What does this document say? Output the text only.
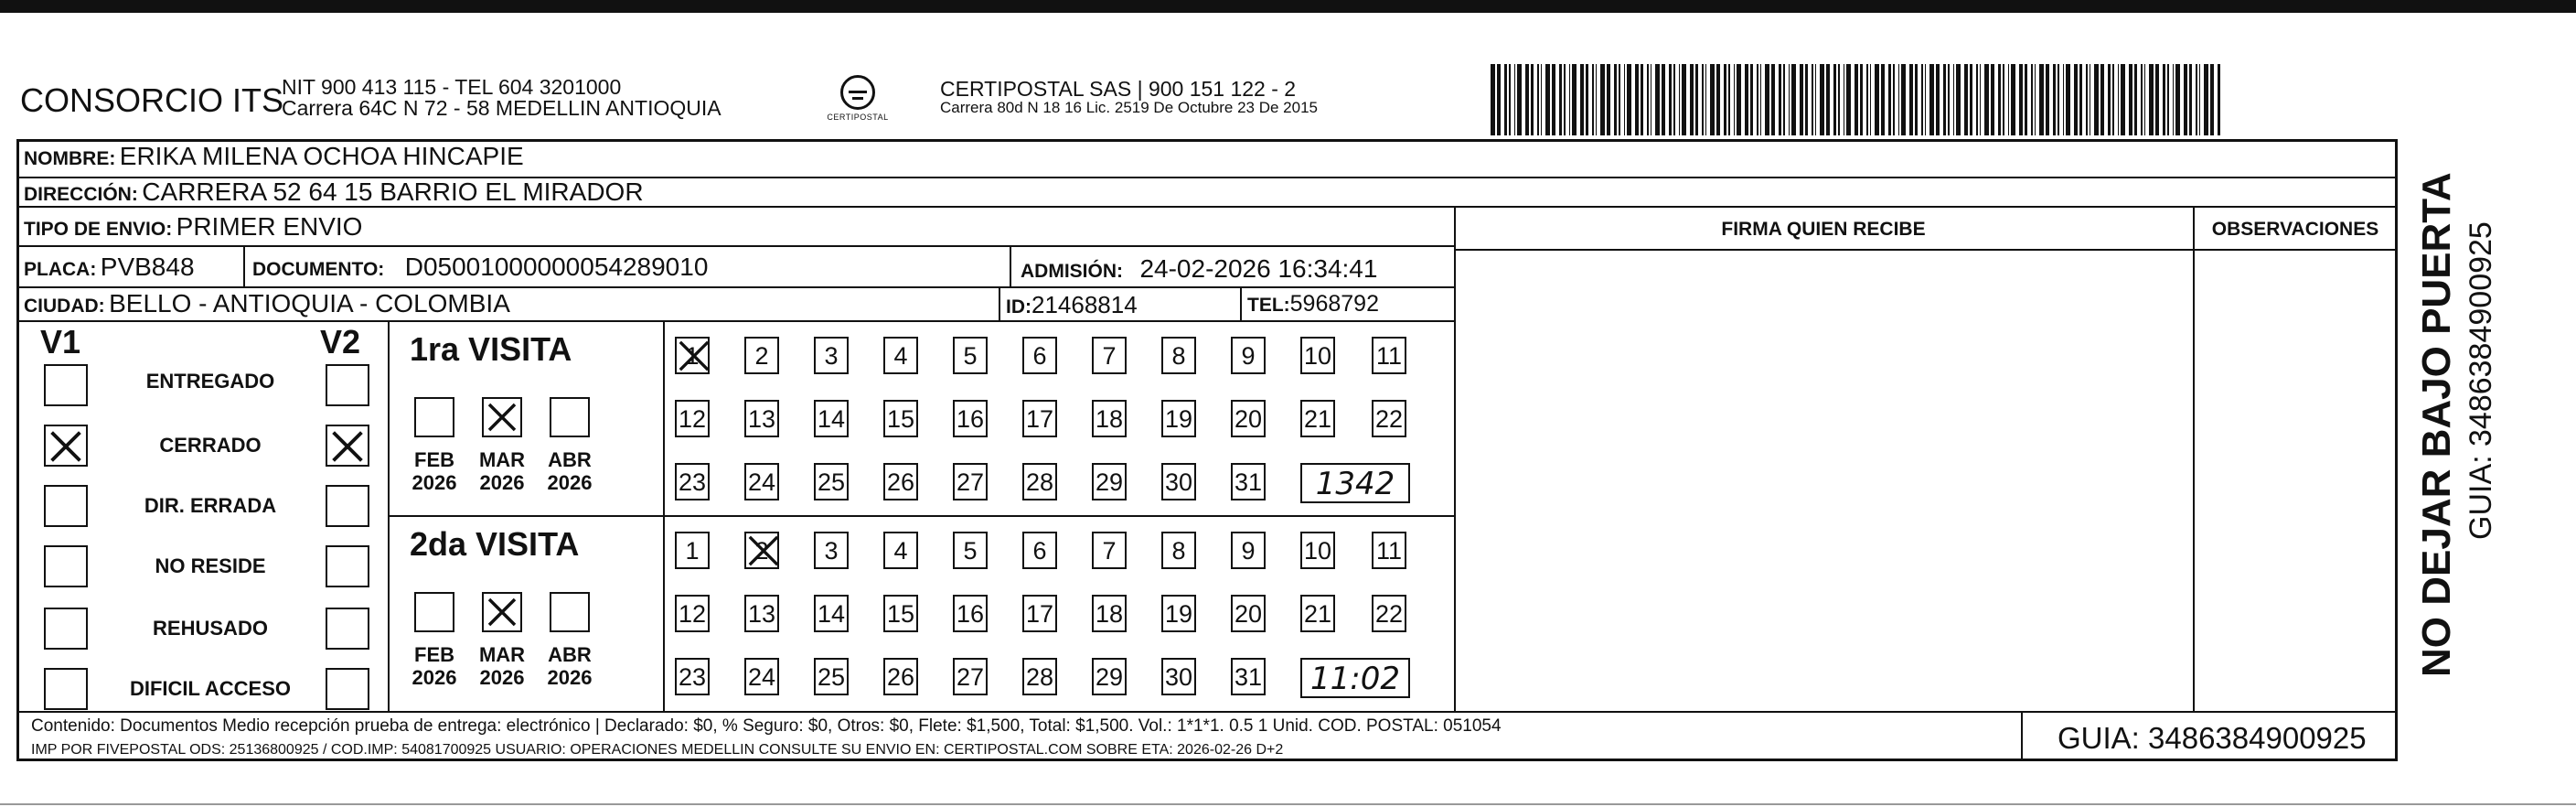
CONSORCIO ITS
NIT 900 413 115 - TEL 604 3201000
Carrera 64C N 72 - 58 MEDELLIN ANTIOQUIA	CERTIPOSTAL
CERTIPOSTAL SAS | 900 151 122 - 2
Carrera 80d N 18 16 Lic. 2519 De Octubre 23 De 2015
NOMBRE: ERIKA MILENA OCHOA HINCAPIE
DIRECCIÓN: CARRERA 52 64 15 BARRIO EL MIRADOR
TIPO DE ENVIO: PRIMER ENVIO
PLACA: PVB848	DOCUMENTO: D05001000000054289010	ADMISIÓN: 24-02-2026 16:34:41
CIUDAD: BELLO - ANTIOQUIA - COLOMBIA	ID:21468814	TEL:5968792
FIRMA QUIEN RECIBE	OBSERVACIONES
V1	V2
ENTREGADO
CERRADO
DIR. ERRADA
NO RESIDE
REHUSADO
DIFICIL ACCESO
1ra VISITA
FEB
2026
MAR
2026
ABR
2026
1	2	3	4	5	6	7	8	9	10 11
12 13 14 15 16 17 18 19 20 21 22
23 24 25 26 27 28 29 30 31	1342
2da VISITA
FEB
2026
MAR
2026
ABR
2026
1	2	3	4	5	6	7	8	9	10 11
12 13 14 15 16 17 18 19 20 21 22
23 24 25 26 27 28 29 30 31	11:02
Contenido: Documentos Medio recepción prueba de entrega: electrónico | Declarado: $0, % Seguro: $0, Otros: $0, Flete: $1,500, Total: $1,500. Vol.: 1*1*1. 0.5 1 Unid. COD. POSTAL: 051054
IMP POR FIVEPOSTAL ODS: 25136800925 / COD.IMP: 54081700925 USUARIO: OPERACIONES MEDELLIN CONSULTE SU ENVIO EN: CERTIPOSTAL.COM SOBRE ETA: 2026-02-26 D+2	GUIA: 3486384900925
NO DEJAR BAJO PUERTA GUIA: 3486384900925
